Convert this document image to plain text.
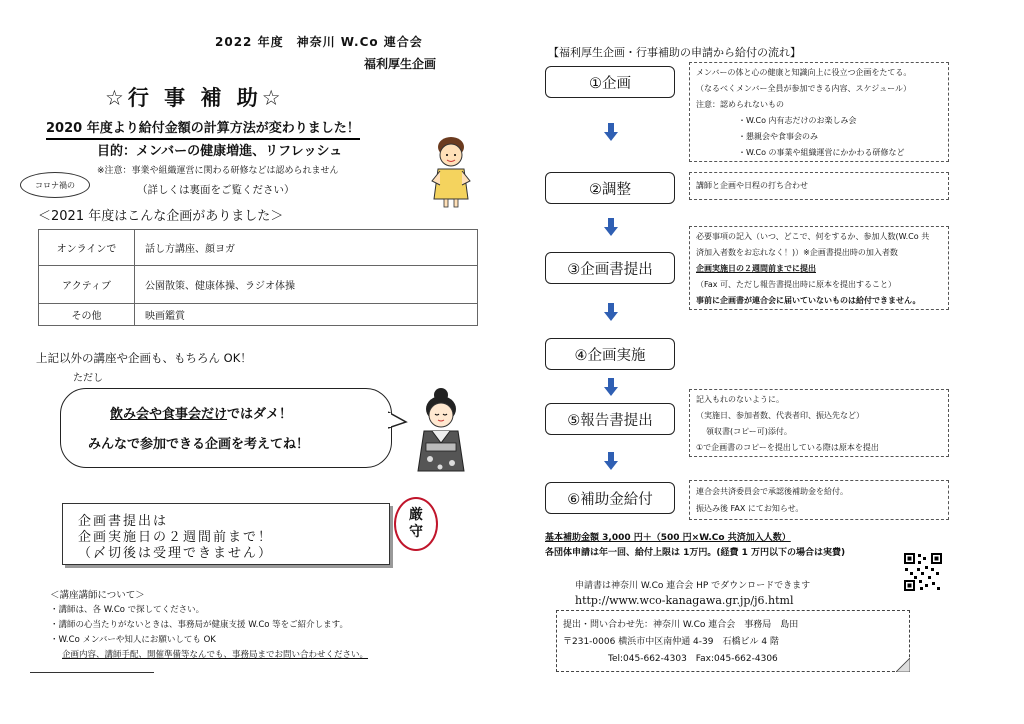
2022 年度　神奈川 W.Co 連合会
福利厚生企画
☆行 事 補 助☆
2020 年度より給付金額の計算方法が変わりました！
目的：メンバーの健康増進、リフレッシュ
※注意：事業や組織運営に関わる研修などは認められません
（詳しくは裏面をご覧ください）
コロナ禍の
＜2021 年度はこんな企画がありました＞
オンラインで	話し方講座、顔ヨガ
アクティブ	公園散策、健康体操、ラジオ体操
その他	映画鑑賞
上記以外の講座や企画も、もちろん OK！
ただし
飲み会や食事会だけではダメ！
みんなで参加できる企画を考えてね！
企画書提出は
企画実施日の２週間前まで！
（〆切後は受理できません）
厳
守
＜講座講師について＞
・講師は、各 W.Co で探してください。
・講師の心当たりがないときは、事務局が健康支援 W.Co 等をご紹介します。
・W.Co メンバーや知人にお願いしても OK
企画内容、講師手配、開催準備等なんでも、事務局までお問い合わせください。
【福利厚生企画・行事補助の申請から給付の流れ】
①企画
メンバーの体と心の健康と知識向上に役立つ企画をたてる。
（なるべくメンバー全員が参加できる内容、スケジュール）
注意：認められないもの
・W.Co 内有志だけのお楽しみ会
・懇親会や食事会のみ
・W.Co の事業や組織運営にかかわる研修など
②調整	講師と企画や日程の打ち合わせ
③企画書提出
必要事項の記入（いつ、どこで、何をするか、参加人数(W.Co 共
済加入者数をお忘れなく！)）※企画書提出時の加入者数
企画実施日の２週間前までに提出
（Fax 可、ただし報告書提出時に原本を提出すること）
事前に企画書が連合会に届いていないものは給付できません。
④企画実施
⑤報告書提出
記入もれのないように。
（実施日、参加者数、代表者印、振込先など）
領収書(コピー可)添付。
①で企画書のコピーを提出している際は原本を提出
⑥補助金給付	連合会共済委員会で承認後補助金を給付。
振込み後 FAX にてお知らせ。
基本補助金額 3,000 円＋（500 円×W.Co 共済加入人数）
各団体申請は年一回、給付上限は 1万円。(経費 1 万円以下の場合は実費)
申請書は神奈川 W.Co 連合会 HP でダウンロードできます
http://www.wco-kanagawa.gr.jp/j6.html
提出・問い合わせ先：神奈川 W.Co 連合会　事務局　島田
〒231-0006 横浜市中区南仲通 4-39　石橋ビル 4 階
Tel:045-662-4303　Fax:045-662-4306
